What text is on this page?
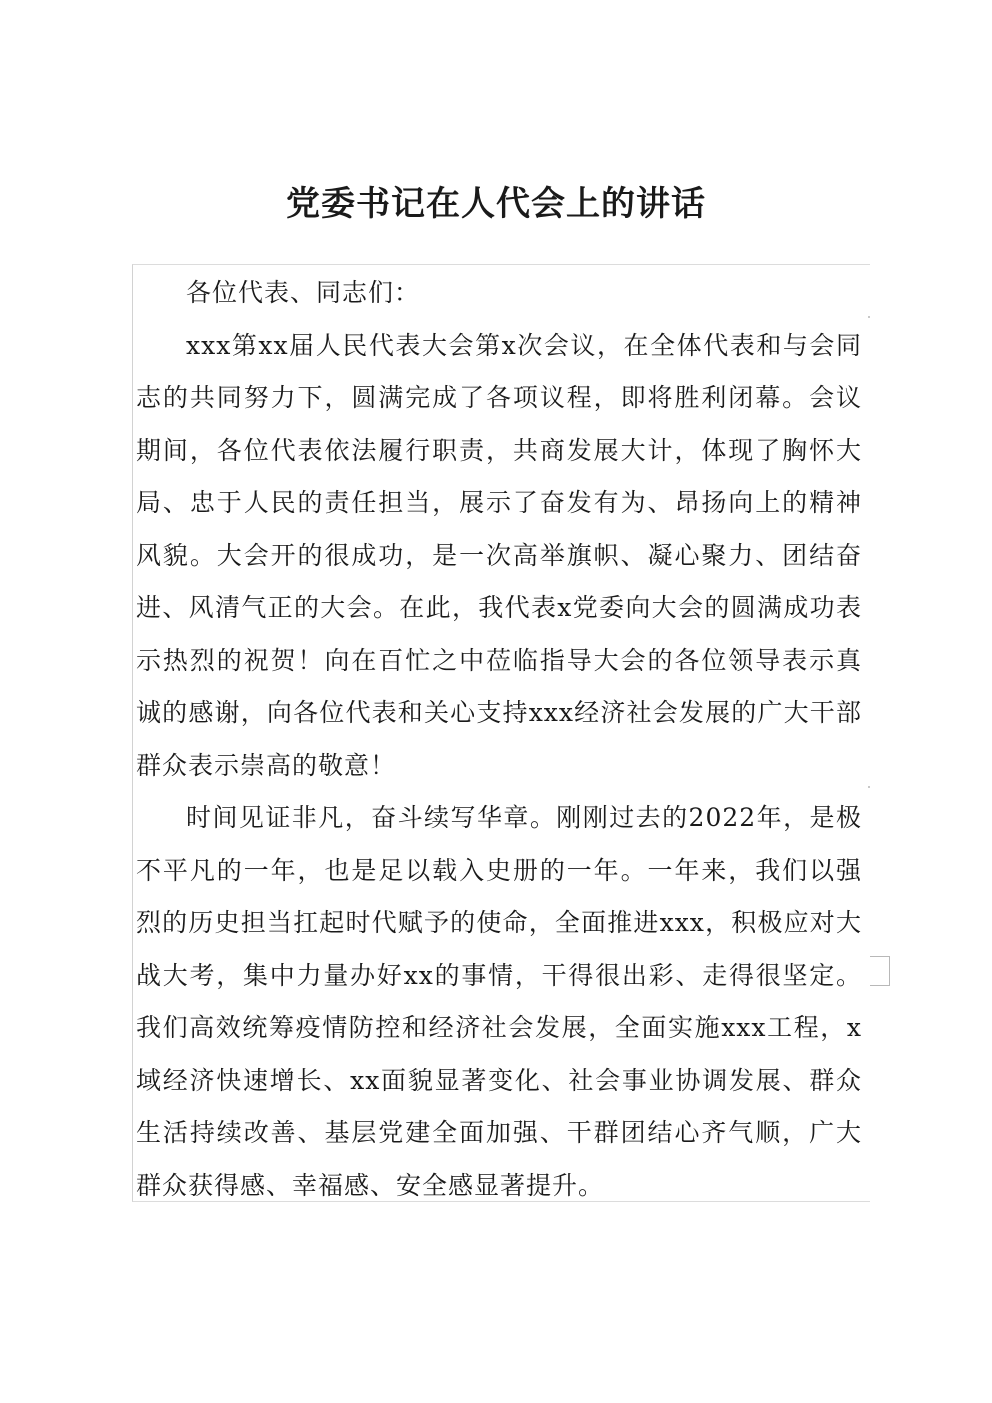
党委书记在人代会上的讲话

各位代表、同志们：

xxx第xx届人民代表大会第x次会议，在全体代表和与会同志的共同努力下，圆满完成了各项议程，即将胜利闭幕。会议期间，各位代表依法履行职责，共商发展大计，体现了胸怀大局、忠于人民的责任担当，展示了奋发有为、昂扬向上的精神风貌。大会开的很成功，是一次高举旗帜、凝心聚力、团结奋进、风清气正的大会。在此，我代表x党委向大会的圆满成功表示热烈的祝贺！向在百忙之中莅临指导大会的各位领导表示真诚的感谢，向各位代表和关心支持xxx经济社会发展的广大干部群众表示崇高的敬意！

时间见证非凡，奋斗续写华章。刚刚过去的2022年，是极不平凡的一年，也是足以载入史册的一年。一年来，我们以强烈的历史担当扛起时代赋予的使命，全面推进xxx，积极应对大战大考，集中力量办好xx的事情，干得很出彩、走得很坚定。我们高效统筹疫情防控和经济社会发展，全面实施xxx工程，x域经济快速增长、xx面貌显著变化、社会事业协调发展、群众生活持续改善、基层党建全面加强、干群团结心齐气顺，广大群众获得感、幸福感、安全感显著提升。
